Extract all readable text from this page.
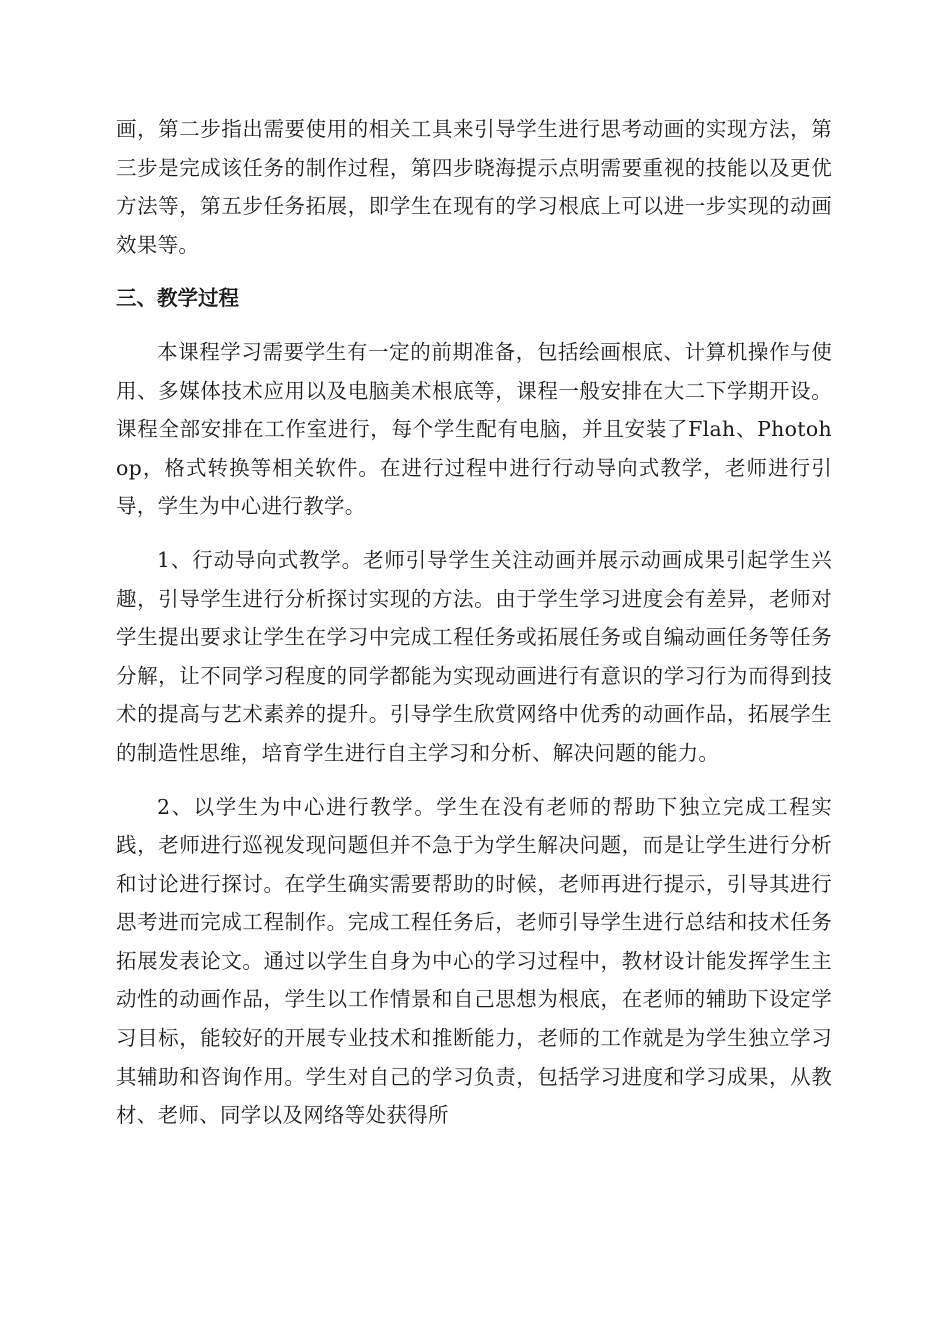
画，第二步指出需要使用的相关工具来引导学生进行思考动画的实现方法，第三步是完成该任务的制作过程，第四步晓海提示点明需要重视的技能以及更优方法等，第五步任务拓展，即学生在现有的学习根底上可以进一步实现的动画效果等。

三、教学过程

本课程学习需要学生有一定的前期准备，包括绘画根底、计算机操作与使用、多媒体技术应用以及电脑美术根底等，课程一般安排在大二下学期开设。课程全部安排在工作室进行，每个学生配有电脑，并且安装了Flah、Photohop，格式转换等相关软件。在进行过程中进行行动导向式教学，老师进行引导，学生为中心进行教学。

1、行动导向式教学。老师引导学生关注动画并展示动画成果引起学生兴趣，引导学生进行分析探讨实现的方法。由于学生学习进度会有差异，老师对学生提出要求让学生在学习中完成工程任务或拓展任务或自编动画任务等任务分解，让不同学习程度的同学都能为实现动画进行有意识的学习行为而得到技术的提高与艺术素养的提升。引导学生欣赏网络中优秀的动画作品，拓展学生的制造性思维，培育学生进行自主学习和分析、解决问题的能力。

2、以学生为中心进行教学。学生在没有老师的帮助下独立完成工程实践，老师进行巡视发现问题但并不急于为学生解决问题，而是让学生进行分析和讨论进行探讨。在学生确实需要帮助的时候，老师再进行提示，引导其进行思考进而完成工程制作。完成工程任务后，老师引导学生进行总结和技术任务拓展发表论文。通过以学生自身为中心的学习过程中，教材设计能发挥学生主动性的动画作品，学生以工作情景和自己思想为根底，在老师的辅助下设定学习目标，能较好的开展专业技术和推断能力，老师的工作就是为学生独立学习其辅助和咨询作用。学生对自己的学习负责，包括学习进度和学习成果，从教材、老师、同学以及网络等处获得所
